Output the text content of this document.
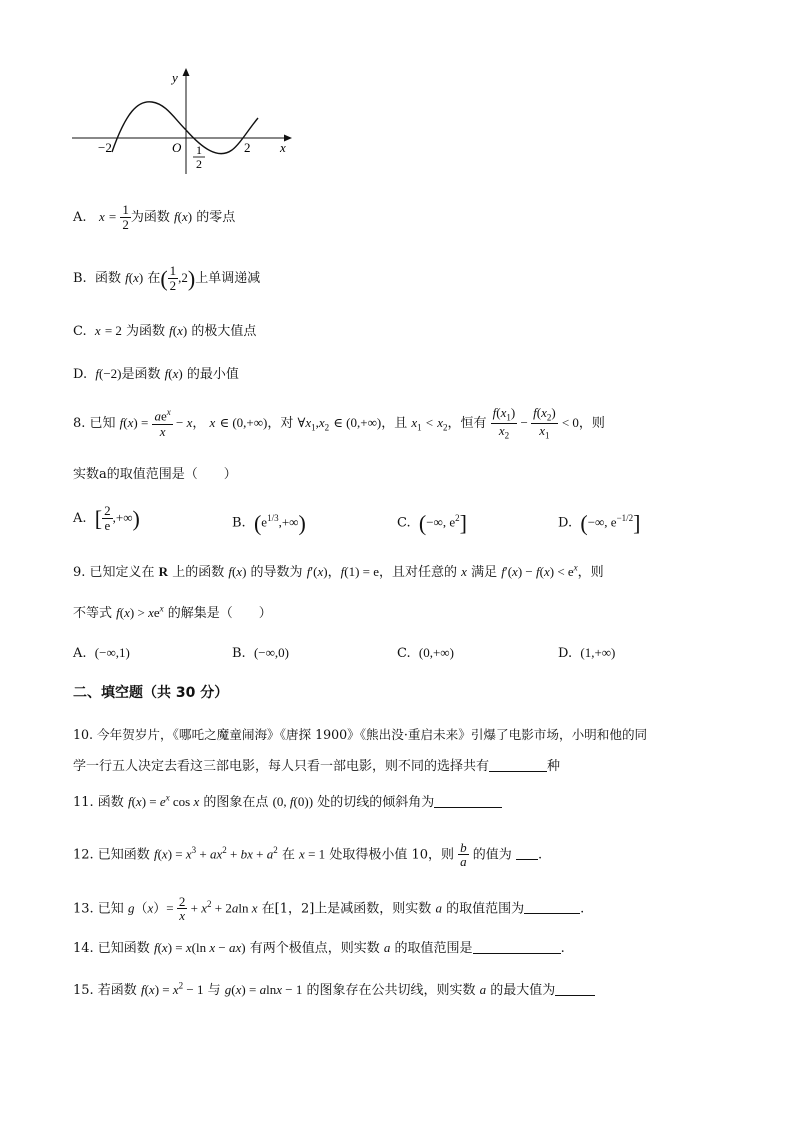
y
x
O
−2	2
1
2
A. $x = \frac{1}{2}$ 为函数 f(x) 的零点
B.  函数 f(x) 在( $\frac{1}{2} ,2$)上单调递减
C. x = 2 为函数 f(x) 的极大值点
D. f(−2)是函数 f(x) 的最小值
8. 已知 $f(x) = \frac{ae^x}{x} - x$， x ∈ (0,+∞)，对 $\forall x_1,x_2$ ∈ (0,+∞)，且 $x_1 < x_2$，恒有 $\frac{f(x_1)}{x_2} - \frac{f(x_2)}{x_1} < 0$，则
实数a的取值范围是（　　）
A. [ $\frac{2}{e}$ ,+∞)	B. $(e^{1/3},+\infty)$	C. (−∞, $e^2$]	D. (−∞, $e^{-1/2}$]
9. 已知定义在 R 上的函数 f(x) 的导数为 f′(x)，f(1) = e，且对任意的 x 满足 $f'(x) - f(x) < e^x$，则
不等式 $f(x) > xe^x$ 的解集是（　　）
A. (−∞,1)	B. (−∞,0)	C. (0,+∞)	D. (1,+∞)
二、填空题（共 30 分）
10. 今年贺岁片，《哪吒之魔童闹海》《唐探 1900》《熊出没·重启未来》引爆了电影市场，小明和他的同
学一行五人决定去看这三部电影，每人只看一部电影，则不同的选择共有	种
11. 函数 $f(x) = e^x$ cos x 的图象在点 (0, f(0)) 处的切线的倾斜角为
12. 已知函数 $f(x) = x^3 + ax^2$ + bx + $a^2$ 在 x = 1 处取得极小值 10，则 $\frac{b}{a}$ 的值为 .
13. 已知 $g(x)= \frac{2}{x} + x^2 + 2aln$ x 在[1，2]上是减函数，则实数 a 的取值范围为	.
14. 已知函数 f(x) = x(ln x − ax) 有两个极值点，则实数 a 的取值范围是	.
15. 若函数 $f(x) = x^2 - 1$ 与 g(x) = alnx − 1 的图象存在公共切线，则实数 a 的最大值为
